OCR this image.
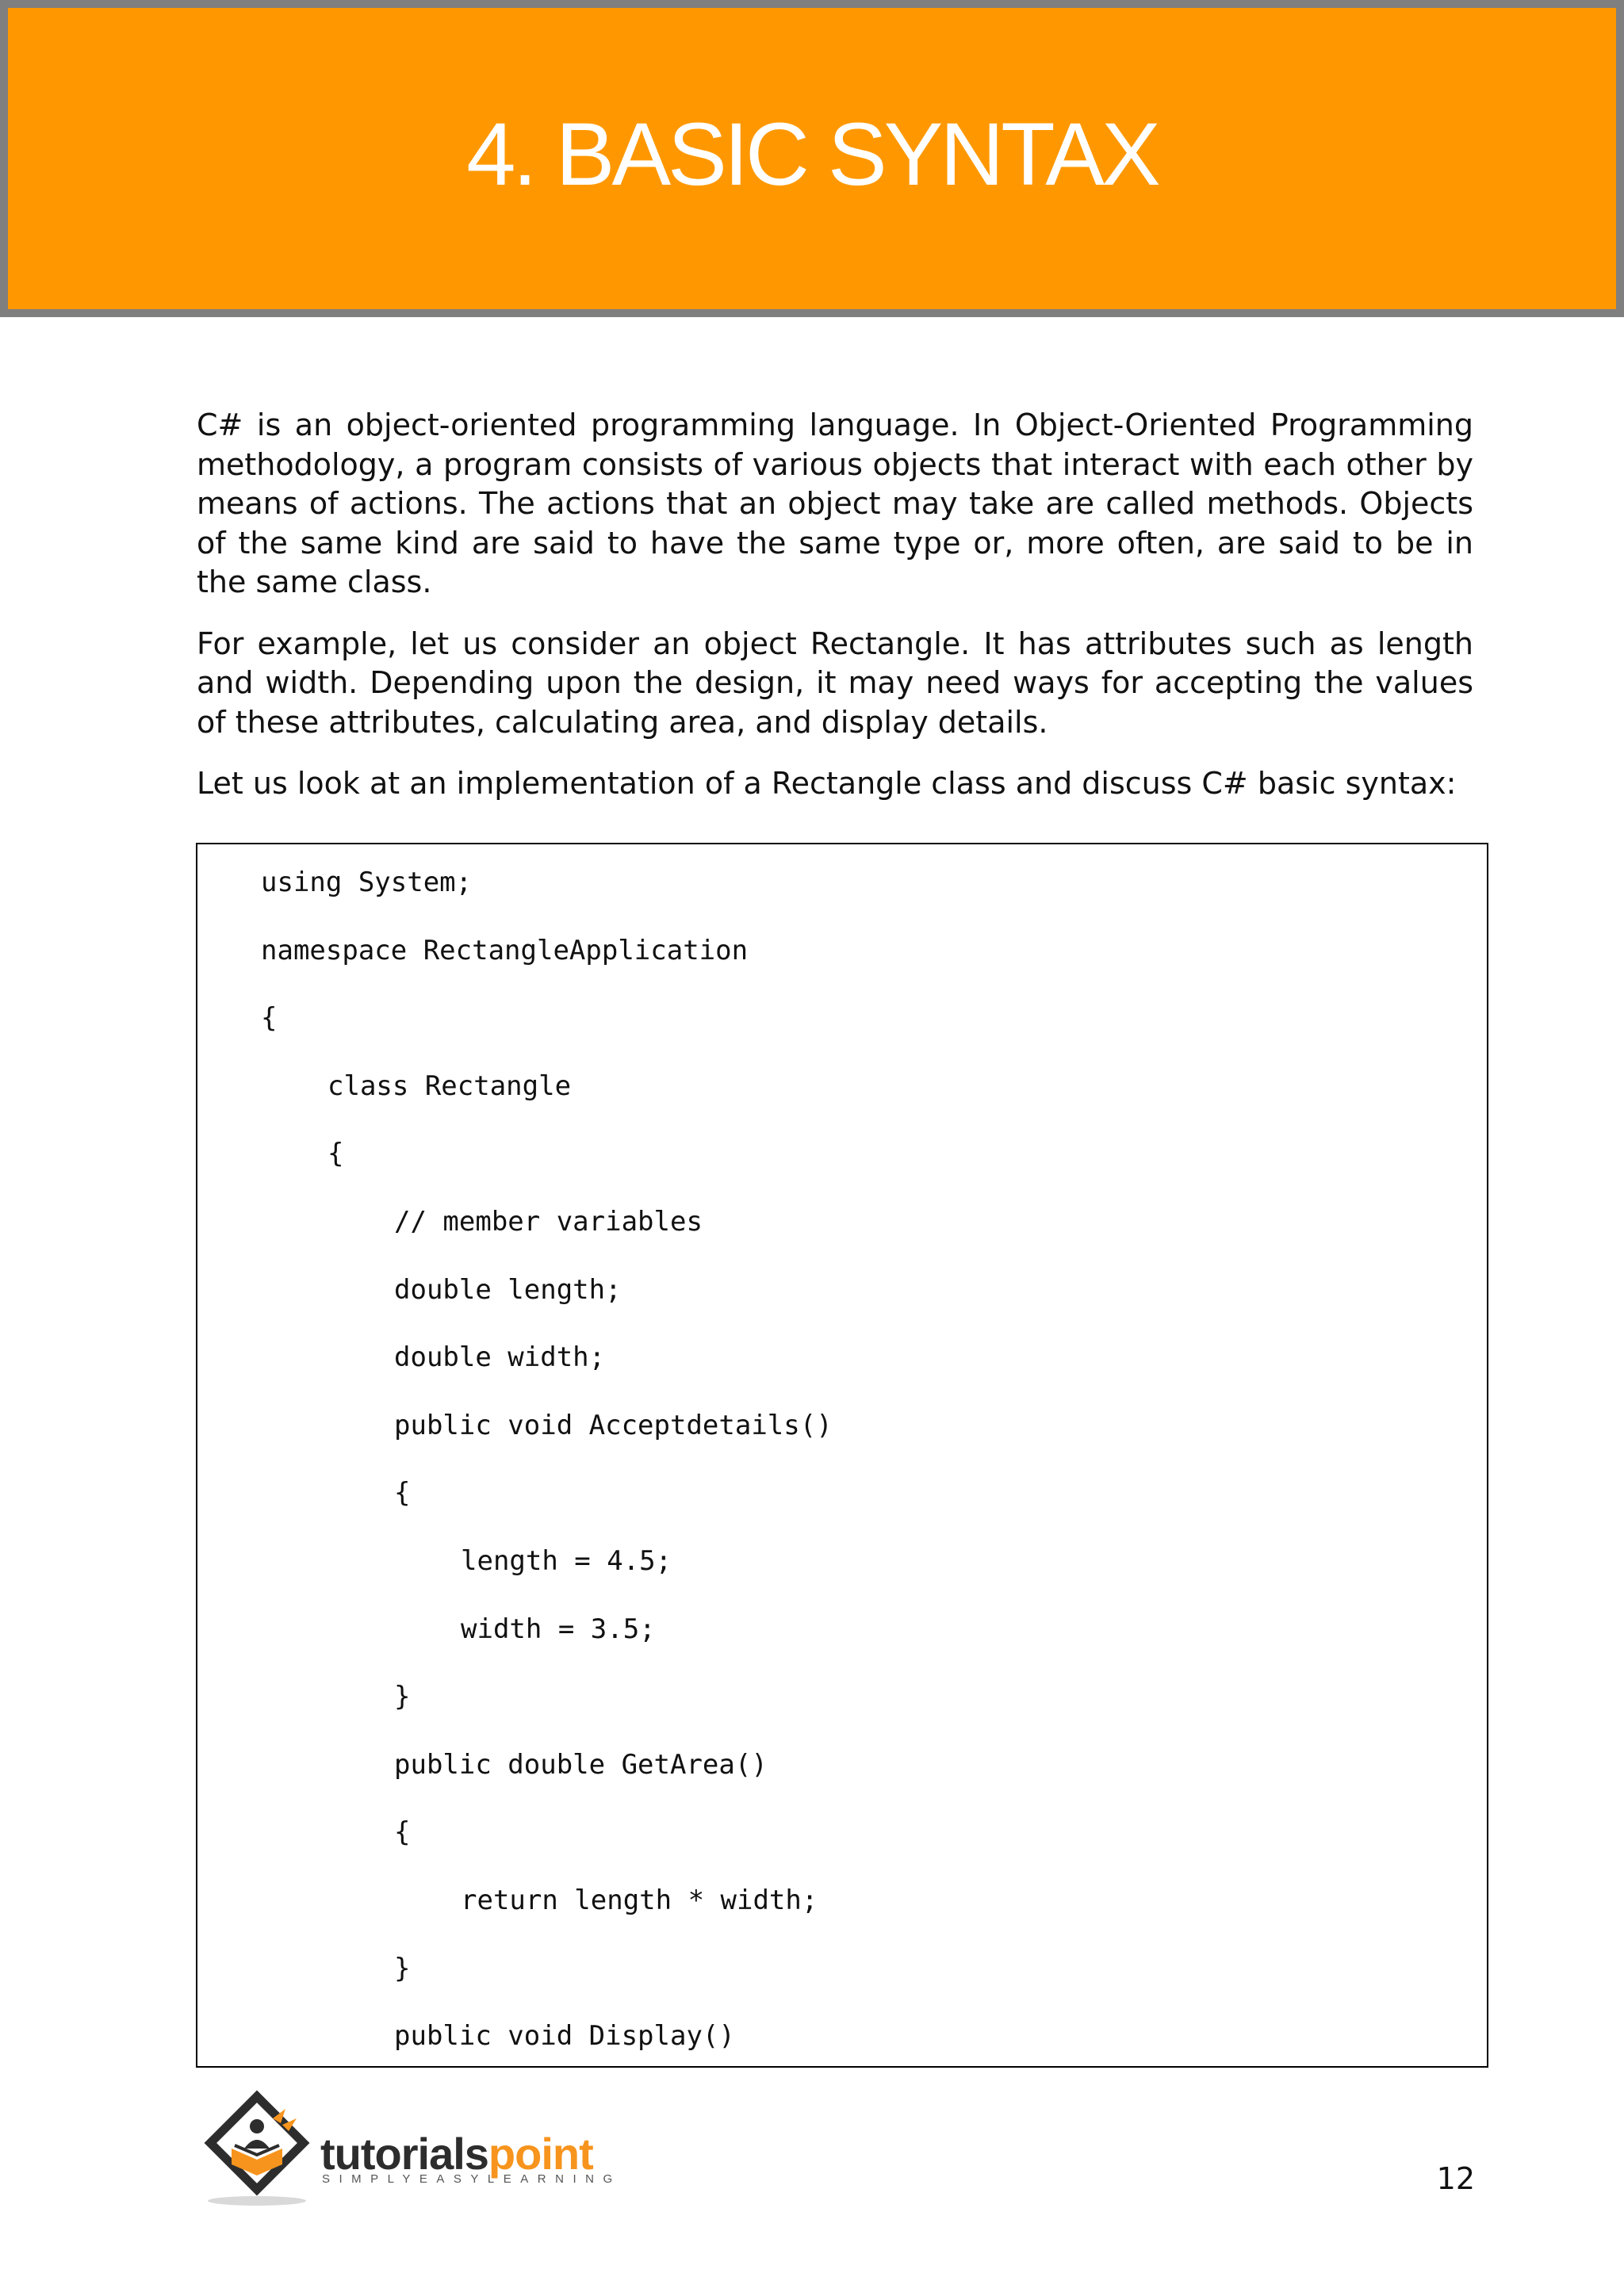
4. BASIC SYNTAX

C# is an object-oriented programming language. In Object-Oriented Programming methodology, a program consists of various objects that interact with each other by means of actions. The actions that an object may take are called methods. Objects of the same kind are said to have the same type or, more often, are said to be in the same class.

For example, let us consider an object Rectangle. It has attributes such as length and width. Depending upon the design, it may need ways for accepting the values of these attributes, calculating area, and display details.

Let us look at an implementation of a Rectangle class and discuss C# basic syntax:

using System;
namespace RectangleApplication
{
class Rectangle
{
// member variables
double length;
double width;
public void Acceptdetails()
{
length = 4.5;
width = 3.5;
}
public double GetArea()
{
return length * width;
}
public void Display()
tutorialspoint
SIMPLYEASYLEARNING	12
